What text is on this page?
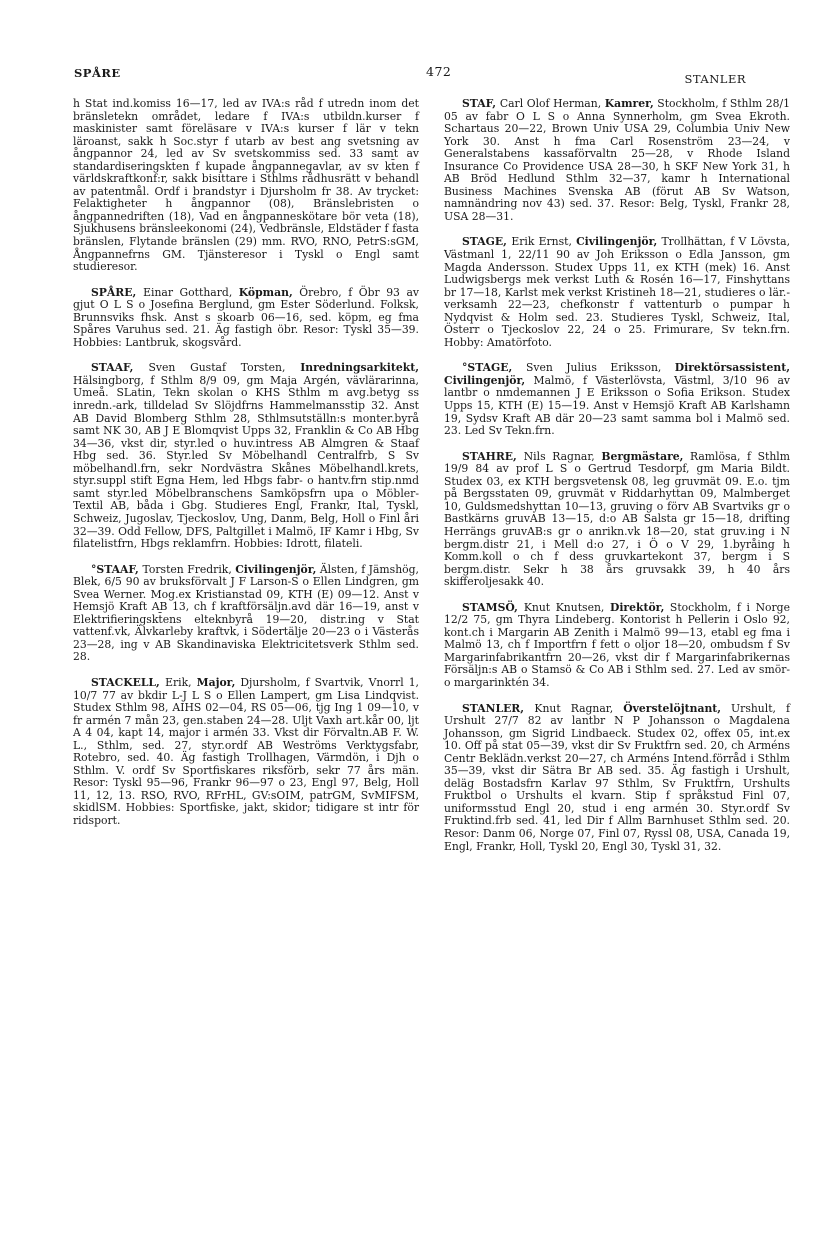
SPÅRE	472	STANLER

h Stat ind.komiss 16—17, led av IVA:s råd f utredn inom det bränsletekn området, ledare f IVA:s utbildn.kurser f maskinister samt föreläsare v IVA:s kurser f lär v tekn läroanst, sakk h Soc.styr f utarb av best ang svetsning av ångpannor 24, led av Sv svetskommiss sed. 33 samt av standardiseringskt̄en f kupade ångpannegavlar, av sv kt̄en f världskraftkonf:r, sakk bisittare i Sthlms rådhusrätt v behandl av patentmål. Ordf i brandstyr i Djursholm fr 38. Av trycket: Felaktigheter h ångpannor (08), Bränslebristen o ångpannedriften (18), Vad en ångpanneskötare bör veta (18), Sjukhusens bränsleekonomi (24), Vedbränsle, Eldstäder f fasta bränslen, Flytande bränslen (29) mm. RVO, RNO, PetrS:sGM, Ångpannefrns GM. Tjänsteresor i Tyskl o Engl samt studieresor.

SPÅRE, Einar Gotthard, Köpman, Örebro, f Öbr 93 av gjut O L S o Josefina Berglund, gm Ester Söderlund. Folksk, Brunnsviks fhsk. Anst s skoarb 06—16, sed. köpm, eg fma Spåres Varuhus sed. 21. Äg fastigh öbr. Resor: Tyskl 35—39. Hobbies: Lantbruk, skogsvård.

STAAF, Sven Gustaf Torsten, Inredningsarkitekt, Hälsingborg, f Sthlm 8/9 09, gm Maja Argén, vävlärarinna, Umeå. SLatin, Tekn skolan o KHS Sthlm m avg.betyg ss inredn.-ark, tilldelad Sv Slöjdfrns Hammelmansstip 32. Anst AB David Blomberg Sthlm 28, Sthlmsutställn:s monter.byrå samt NK 30, AB J E Blomqvist Upps 32, Franklin & Co AB Hbg 34—36, vkst dir, styr.led o huv.intress AB Almgren & Staaf Hbg sed. 36. Styr.led Sv Möbelhandl Centralfrb, S Sv möbelhandl.frn, sekr Nordvästra Skånes Möbelhandl.krets, styr.suppl stift Egna Hem, led Hbgs fabr- o hantv.frn stip.nmd samt styr.led Möbelbranschens Samköpsfrn upa o Möbler-Textil AB, båda i Gbg. Studieres Engl, Frankr, Ital, Tyskl, Schweiz, Jugoslav, Tjeckoslov, Ung, Danm, Belg, Holl o Finl åri 32—39. Odd Fellow, DFS, Paltgillet i Malmö, IF Kamr i Hbg, Sv filatelistfrn, Hbgs reklamfrn. Hobbies: Idrott, filateli.

°STAAF, Torsten Fredrik, Civilingenjör, Älsten, f Jämshög, Blek, 6/5 90 av bruksförvalt J F Larson-S o Ellen Lindgren, gm Svea Werner. Mog.ex Kristianstad 09, KTH (E) 09—12. Anst v Hemsjö Kraft AB 13, ch f kraftförsäljn.avd där 16—19, anst v Elektrifieringskt̄ens elteknbyrå 19—20, distr.ing v Stat vattenf.vk, Älvkarleby kraftvk, i Södertälje 20—23 o i Västerås 23—28, ing v AB Skandinaviska Elektricitetsverk Sthlm sed. 28.

STACKELL, Erik, Major, Djursholm, f Svartvik, Vnorrl 1, 10/7 77 av bkdir L-J L S o Ellen Lampert, gm Lisa Lindqvist. Studex Sthlm 98, AIHS 02—04, RS 05—06, tjg Ing 1 09—10, v fr armén 7 mån 23, gen.staben 24—28. Uljt Vaxh art.kår 00, ljt A 4 04, kapt 14, major i armén 33. Vkst dir Förvaltn.AB F. W. L., Sthlm, sed. 27, styr.ordf AB Weströms Verktygsfabr, Rotebro, sed. 40. Äg fastigh Trollhagen, Värmdön, i Djh o Sthlm. V. ordf Sv Sportfiskares riksförb, sekr 77 års män. Resor: Tyskl 95—96, Frankr 96—97 o 23, Engl 97, Belg, Holl 11, 12, 13. RSO, RVO, RFrHL, GV:sOIM, patrGM, SvMIFSM, skidlSM. Hobbies: Sportfiske, jakt, skidor; tidigare st intr för ridsport.

STAF, Carl Olof Herman, Kamrer, Stockholm, f Sthlm 28/1 05 av fabr O L S o Anna Synnerholm, gm Svea Ekroth. Schartaus 20—22, Brown Univ USA 29, Columbia Univ New York 30. Anst h fma Carl Rosenström 23—24, v Generalstabens kassaförvaltn 25—28, v Rhode Island Insurance Co Providence USA 28—30, h SKF New York 31, h AB Bröd Hedlund Sthlm 32—37, kamr h International Business Machines Svenska AB (förut AB Sv Watson, namnändring nov 43) sed. 37. Resor: Belg, Tyskl, Frankr 28, USA 28—31.

STAGE, Erik Ernst, Civilingenjör, Trollhättan, f V Lövsta, Västmanl 1, 22/11 90 av Joh Eriksson o Edla Jansson, gm Magda Andersson. Studex Upps 11, ex KTH (mek) 16. Anst Ludwigsbergs mek verkst Luth & Rosén 16—17, Finshyttans br 17—18, Karlst mek verkst Kristineh 18—21, studieres o lär.-verksamh 22—23, chefkonstr f vattenturb o pumpar h Nydqvist & Holm sed. 23. Studieres Tyskl, Schweiz, Ital, Österr o Tjeckoslov 22, 24 o 25. Frimurare, Sv tekn.frn. Hobby: Amatörfoto.

°STAGE, Sven Julius Eriksson, Direktörsassistent, Civilingenjör, Malmö, f Västerlövsta, Västml, 3/10 96 av lantbr o nmdemannen J E Eriksson o Sofia Erikson. Studex Upps 15, KTH (E) 15—19. Anst v Hemsjö Kraft AB Karlshamn 19, Sydsv Kraft AB där 20—23 samt samma bol i Malmö sed. 23. Led Sv Tekn.frn.

STAHRE, Nils Ragnar, Bergmästare, Ramlösa, f Sthlm 19/9 84 av prof L S o Gertrud Tesdorpf, gm Maria Bildt. Studex 03, ex KTH bergsvetensk 08, leg gruvmät 09. E.o. tjm på Bergsstaten 09, gruvmät v Riddarhyttan 09, Malmberget 10, Guldsmedshyttan 10—13, gruving o förv AB Svartviks gr o Bastkärns gruvAB 13—15, d:o AB Salsta gr 15—18, drifting Herrängs gruvAB:s gr o anrikn.vk 18—20, stat gruv.ing i N bergm.distr 21, i Mell d:o 27, i Ö o V 29, 1.byråing h Komm.koll o ch f dess gruvkartekont 37, bergm i S bergm.distr. Sekr h 38 års gruvsakk 39, h 40 års skifferoljesakk 40.

STAMSÖ, Knut Knutsen, Direktör, Stockholm, f i Norge 12/2 75, gm Thyra Lindeberg. Kontorist h Pellerin i Oslo 92, kont.ch i Margarin AB Zenith i Malmö 99—13, etabl eg fma i Malmö 13, ch f Importfrn f fett o oljor 18—20, ombudsm f Sv Margarinfabrikantfrn 20—26, vkst dir f Margarinfabrikernas Försäljn:s AB o Stamsö & Co AB i Sthlm sed. 27. Led av smör- o margarinktén 34.

STANLER, Knut Ragnar, Överstelöjtnant, Urshult, f Urshult 27/7 82 av lantbr N P Johansson o Magdalena Johansson, gm Sigrid Lindbaeck. Studex 02, offex 05, int.ex 10. Off på stat 05—39, vkst dir Sv Fruktfrn sed. 20, ch Arméns Centr Beklädn.verkst 20—27, ch Arméns Intend.förråd i Sthlm 35—39, vkst dir Sätra Br AB sed. 35. Äg fastigh i Urshult, deläg Bostadsfrn Karlav 97 Sthlm, Sv Fruktfrn, Urshults Fruktbol o Urshults el kvarn. Stip f språkstud Finl 07, uniformsstud Engl 20, stud i eng armén 30. Styr.ordf Sv Fruktind.frb sed. 41, led Dir f Allm Barnhuset Sthlm sed. 20. Resor: Danm 06, Norge 07, Finl 07, Ryssl 08, USA, Canada 19, Engl, Frankr, Holl, Tyskl 20, Engl 30, Tyskl 31, 32.
